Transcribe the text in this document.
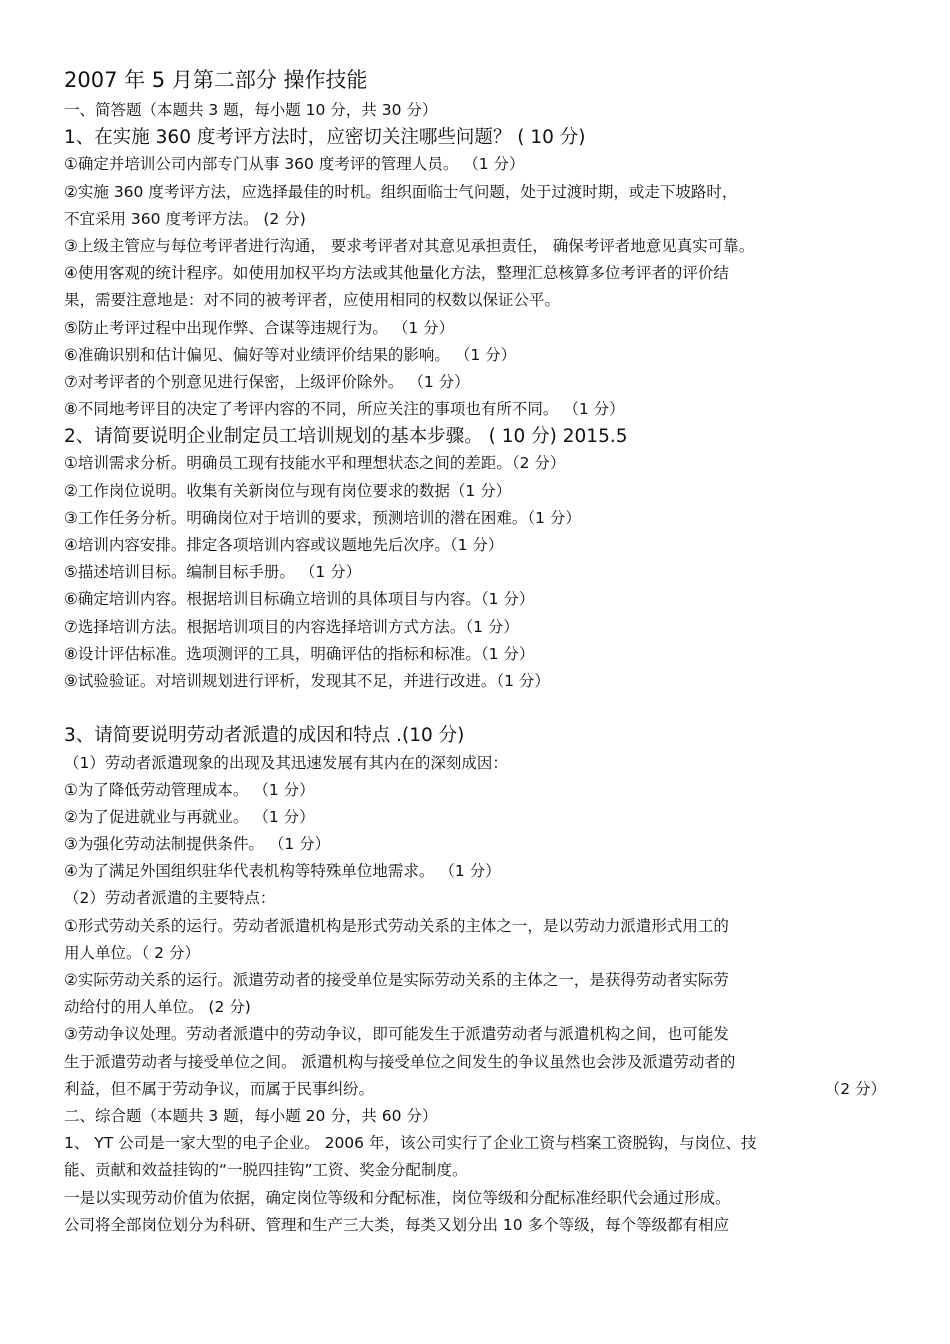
2007 年 5 月第二部分 操作技能
一、简答题（本题共 3 题，每小题 10 分，共 30 分）
1、在实施 360 度考评方法时，应密切关注哪些问题？ ( 10 分)
①确定并培训公司内部专门从事 360 度考评的管理人员。 （1 分）
②实施 360 度考评方法，应选择最佳的时机。组织面临士气问题，处于过渡时期，或走下坡路时，
不宜采用 360 度考评方法。 (2 分)
③上级主管应与每位考评者进行沟通， 要求考评者对其意见承担责任， 确保考评者地意见真实可靠。
④使用客观的统计程序。如使用加权平均方法或其他量化方法，整理汇总核算多位考评者的评价结
果，需要注意地是：对不同的被考评者，应使用相同的权数以保证公平。
⑤防止考评过程中出现作弊、合谋等违规行为。 （1 分）
⑥准确识别和估计偏见、偏好等对业绩评价结果的影响。 （1 分）
⑦对考评者的个别意见进行保密，上级评价除外。 （1 分）
⑧不同地考评目的决定了考评内容的不同，所应关注的事项也有所不同。 （1 分）
2、请简要说明企业制定员工培训规划的基本步骤。 ( 10 分) 2015.5
①培训需求分析。明确员工现有技能水平和理想状态之间的差距。（2 分）
②工作岗位说明。收集有关新岗位与现有岗位要求的数据（1 分）
③工作任务分析。明确岗位对于培训的要求，预测培训的潜在困难。（1 分）
④培训内容安排。排定各项培训内容或议题地先后次序。（1 分）
⑤描述培训目标。编制目标手册。 （1 分）
⑥确定培训内容。根据培训目标确立培训的具体项目与内容。（1 分）
⑦选择培训方法。根据培训项目的内容选择培训方式方法。（1 分）
⑧设计评估标准。选项测评的工具，明确评估的指标和标准。（1 分）
⑨试验验证。对培训规划进行评析，发现其不足，并进行改进。（1 分）
3、请简要说明劳动者派遣的成因和特点 .(10 分)
（1）劳动者派遣现象的出现及其迅速发展有其内在的深刻成因：
①为了降低劳动管理成本。 （1 分）
②为了促进就业与再就业。 （1 分）
③为强化劳动法制提供条件。 （1 分）
④为了满足外国组织驻华代表机构等特殊单位地需求。 （1 分）
（2）劳动者派遣的主要特点：
①形式劳动关系的运行。劳动者派遣机构是形式劳动关系的主体之一，是以劳动力派遣形式用工的
用人单位。（ 2 分）
②实际劳动关系的运行。派遣劳动者的接受单位是实际劳动关系的主体之一，是获得劳动者实际劳
动给付的用人单位。 (2 分)
③劳动争议处理。劳动者派遣中的劳动争议，即可能发生于派遣劳动者与派遣机构之间，也可能发
生于派遣劳动者与接受单位之间。 派遣机构与接受单位之间发生的争议虽然也会涉及派遣劳动者的
利益，但不属于劳动争议，而属于民事纠纷。	（2 分）
二、综合题（本题共 3 题，每小题 20 分，共 60 分）
1、 YT 公司是一家大型的电子企业。 2006 年，该公司实行了企业工资与档案工资脱钩，与岗位、技
能、贡献和效益挂钩的“一脱四挂钩”工资、奖金分配制度。
一是以实现劳动价值为依据，确定岗位等级和分配标准，岗位等级和分配标准经职代会通过形成。
公司将全部岗位划分为科研、管理和生产三大类，每类又划分出 10 多个等级，每个等级都有相应
